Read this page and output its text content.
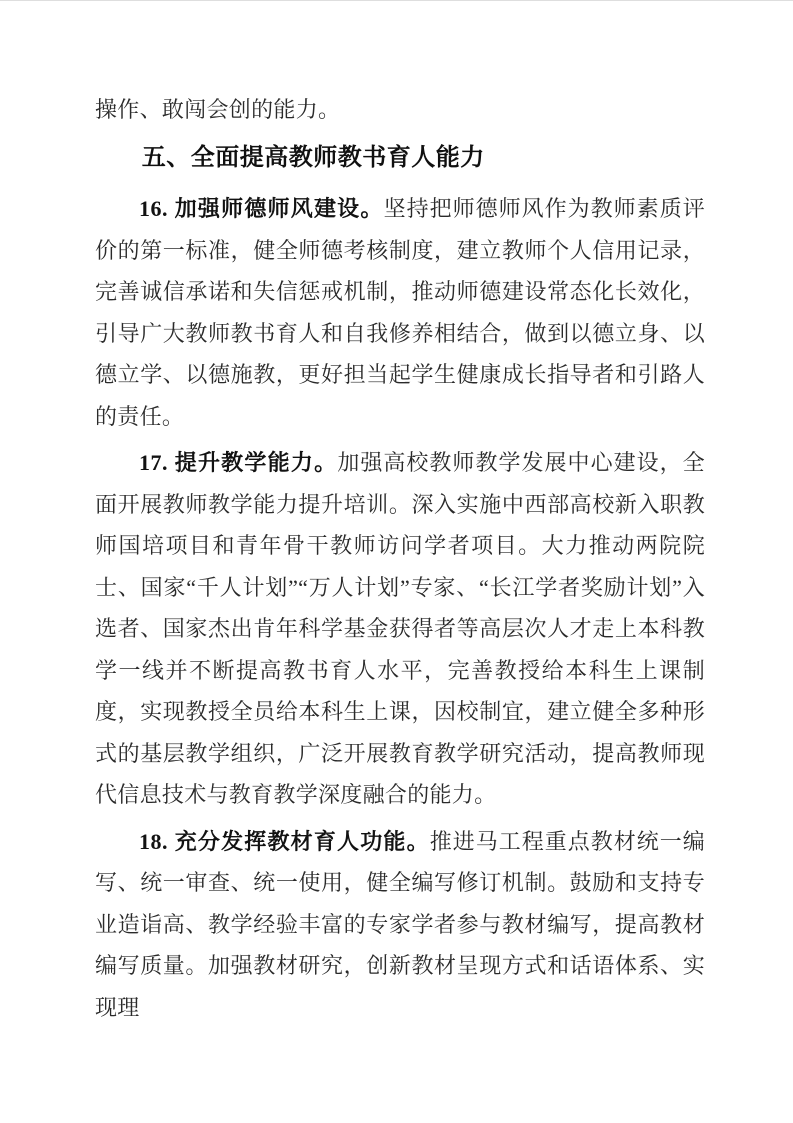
操作、敢闯会创的能力。

五、全面提高教师教书育人能力

16. 加强师德师风建设。坚持把师德师风作为教师素质评价的第一标准，健全师德考核制度，建立教师个人信用记录，完善诚信承诺和失信惩戒机制，推动师德建设常态化长效化，引导广大教师教书育人和自我修养相结合，做到以德立身、以德立学、以德施教，更好担当起学生健康成长指导者和引路人的责任。

17. 提升教学能力。加强高校教师教学发展中心建设，全面开展教师教学能力提升培训。深入实施中西部高校新入职教师国培项目和青年骨干教师访问学者项目。大力推动两院院士、国家“千人计划”“万人计划”专家、“长江学者奖励计划”入选者、国家杰出肯年科学基金获得者等高层次人才走上本科教学一线并不断提高教书育人水平，完善教授给本科生上课制度，实现教授全员给本科生上课，因校制宜，建立健全多种形式的基层教学组织，广泛开展教育教学研究活动，提高教师现代信息技术与教育教学深度融合的能力。

18. 充分发挥教材育人功能。推进马工程重点教材统一编写、统一审查、统一使用，健全编写修订机制。鼓励和支持专业造诣高、教学经验丰富的专家学者参与教材编写，提高教材编写质量。加强教材研究，创新教材呈现方式和话语体系、实现理
